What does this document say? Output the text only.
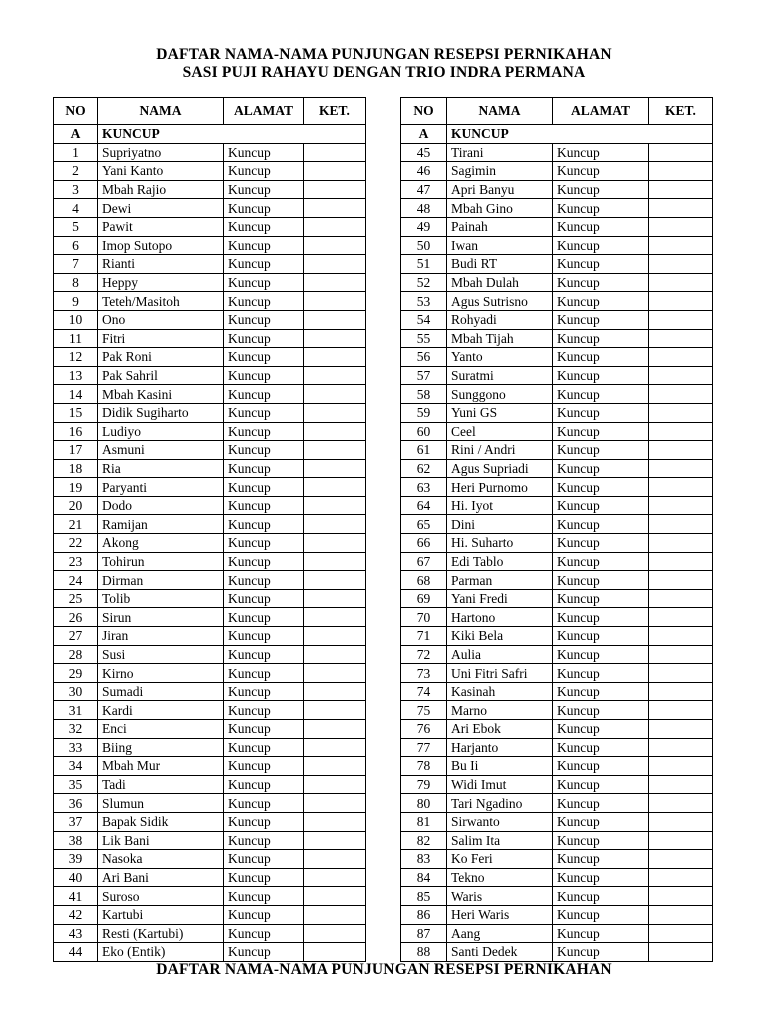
DAFTAR NAMA-NAMA PUNJUNGAN RESEPSI PERNIKAHAN
SASI PUJI RAHAYU DENGAN TRIO INDRA PERMANA
NO	NAMA	ALAMAT	KET.
A	KUNCUP		
1	Supriyatno	Kuncup	
2	Yani Kanto	Kuncup	
3	Mbah Rajio	Kuncup	
4	Dewi	Kuncup	
5	Pawit	Kuncup	
6	Imop Sutopo	Kuncup	
7	Rianti	Kuncup	
8	Heppy	Kuncup	
9	Teteh/Masitoh	Kuncup	
10	Ono	Kuncup	
11	Fitri	Kuncup	
12	Pak Roni	Kuncup	
13	Pak Sahril	Kuncup	
14	Mbah Kasini	Kuncup	
15	Didik Sugiharto	Kuncup	
16	Ludiyo	Kuncup	
17	Asmuni	Kuncup	
18	Ria	Kuncup	
19	Paryanti	Kuncup	
20	Dodo	Kuncup	
21	Ramijan	Kuncup	
22	Akong	Kuncup	
23	Tohirun	Kuncup	
24	Dirman	Kuncup	
25	Tolib	Kuncup	
26	Sirun	Kuncup	
27	Jiran	Kuncup	
28	Susi	Kuncup	
29	Kirno	Kuncup	
30	Sumadi	Kuncup	
31	Kardi	Kuncup	
32	Enci	Kuncup	
33	Biing	Kuncup	
34	Mbah Mur	Kuncup	
35	Tadi	Kuncup	
36	Slumun	Kuncup	
37	Bapak Sidik	Kuncup	
38	Lik Bani	Kuncup	
39	Nasoka	Kuncup	
40	Ari Bani	Kuncup	
41	Suroso	Kuncup	
42	Kartubi	Kuncup	
43	Resti (Kartubi)	Kuncup	
44	Eko (Entik)	Kuncup	
NO	NAMA	ALAMAT	KET.
A	KUNCUP		
45	Tirani	Kuncup	
46	Sagimin	Kuncup	
47	Apri Banyu	Kuncup	
48	Mbah Gino	Kuncup	
49	Painah	Kuncup	
50	Iwan	Kuncup	
51	Budi RT	Kuncup	
52	Mbah Dulah	Kuncup	
53	Agus Sutrisno	Kuncup	
54	Rohyadi	Kuncup	
55	Mbah Tijah	Kuncup	
56	Yanto	Kuncup	
57	Suratmi	Kuncup	
58	Sunggono	Kuncup	
59	Yuni GS	Kuncup	
60	Ceel	Kuncup	
61	Rini / Andri	Kuncup	
62	Agus Supriadi	Kuncup	
63	Heri Purnomo	Kuncup	
64	Hi. Iyot	Kuncup	
65	Dini	Kuncup	
66	Hi. Suharto	Kuncup	
67	Edi Tablo	Kuncup	
68	Parman	Kuncup	
69	Yani Fredi	Kuncup	
70	Hartono	Kuncup	
71	Kiki Bela	Kuncup	
72	Aulia	Kuncup	
73	Uni Fitri Safri	Kuncup	
74	Kasinah	Kuncup	
75	Marno	Kuncup	
76	Ari Ebok	Kuncup	
77	Harjanto	Kuncup	
78	Bu Ii	Kuncup	
79	Widi Imut	Kuncup	
80	Tari Ngadino	Kuncup	
81	Sirwanto	Kuncup	
82	Salim Ita	Kuncup	
83	Ko Feri	Kuncup	
84	Tekno	Kuncup	
85	Waris	Kuncup	
86	Heri Waris	Kuncup	
87	Aang	Kuncup	
88	Santi Dedek	Kuncup	
DAFTAR NAMA-NAMA PUNJUNGAN RESEPSI PERNIKAHAN
